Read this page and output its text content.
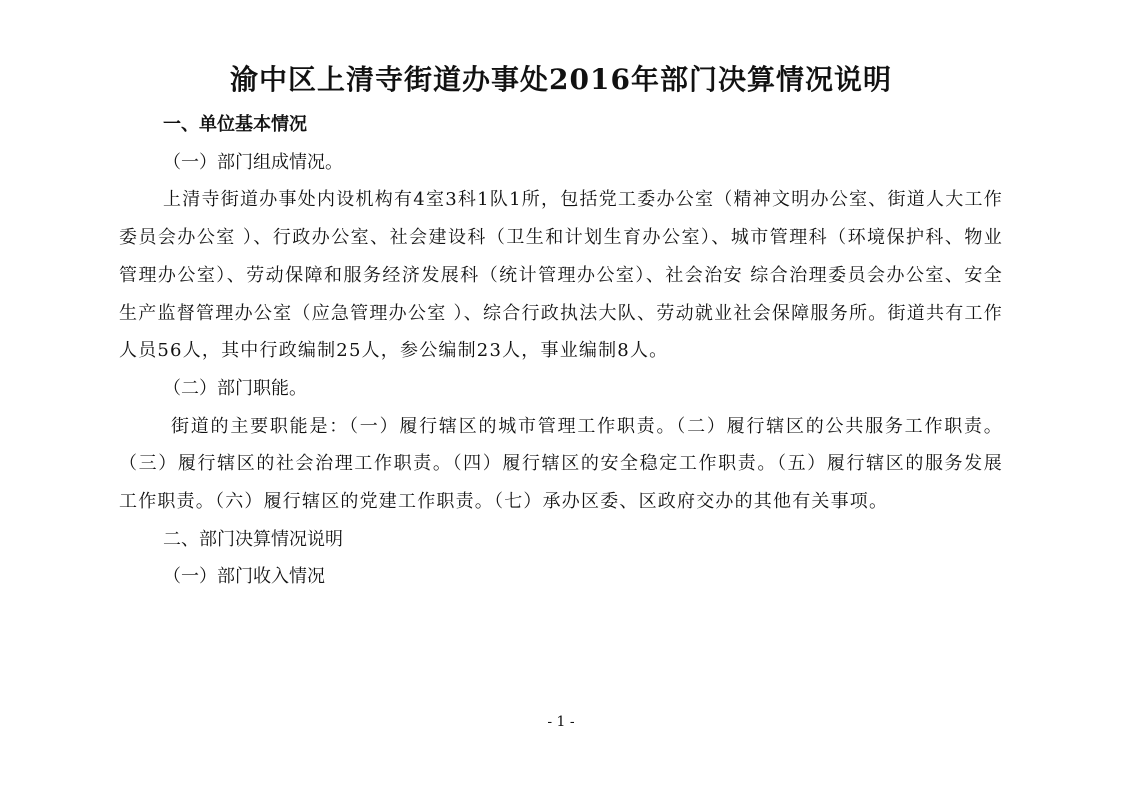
渝中区上清寺街道办事处2016年部门决算情况说明
一、单位基本情况
（一）部门组成情况。

上清寺街道办事处内设机构有4室3科1队1所，包括党工委办公室（精神文明办公室、街道人大工作委员会办公室 ）、行政办公室、社会建设科（卫生和计划生育办公室）、城市管理科（环境保护科、物业管理办公室）、劳动保障和服务经济发展科（统计管理办公室）、社会治安 综合治理委员会办公室、安全生产监督管理办公室（应急管理办公室 ）、综合行政执法大队、劳动就业社会保障服务所。街道共有工作人员56人，其中行政编制25人，参公编制23人，事业编制8人。

（二）部门职能。

街道的主要职能是：（一）履行辖区的城市管理工作职责。（二）履行辖区的公共服务工作职责。（三）履行辖区的社会治理工作职责。（四）履行辖区的安全稳定工作职责。（五）履行辖区的服务发展工作职责。（六）履行辖区的党建工作职责。（七）承办区委、区政府交办的其他有关事项。

二、部门决算情况说明
（一）部门收入情况
- 1 -
